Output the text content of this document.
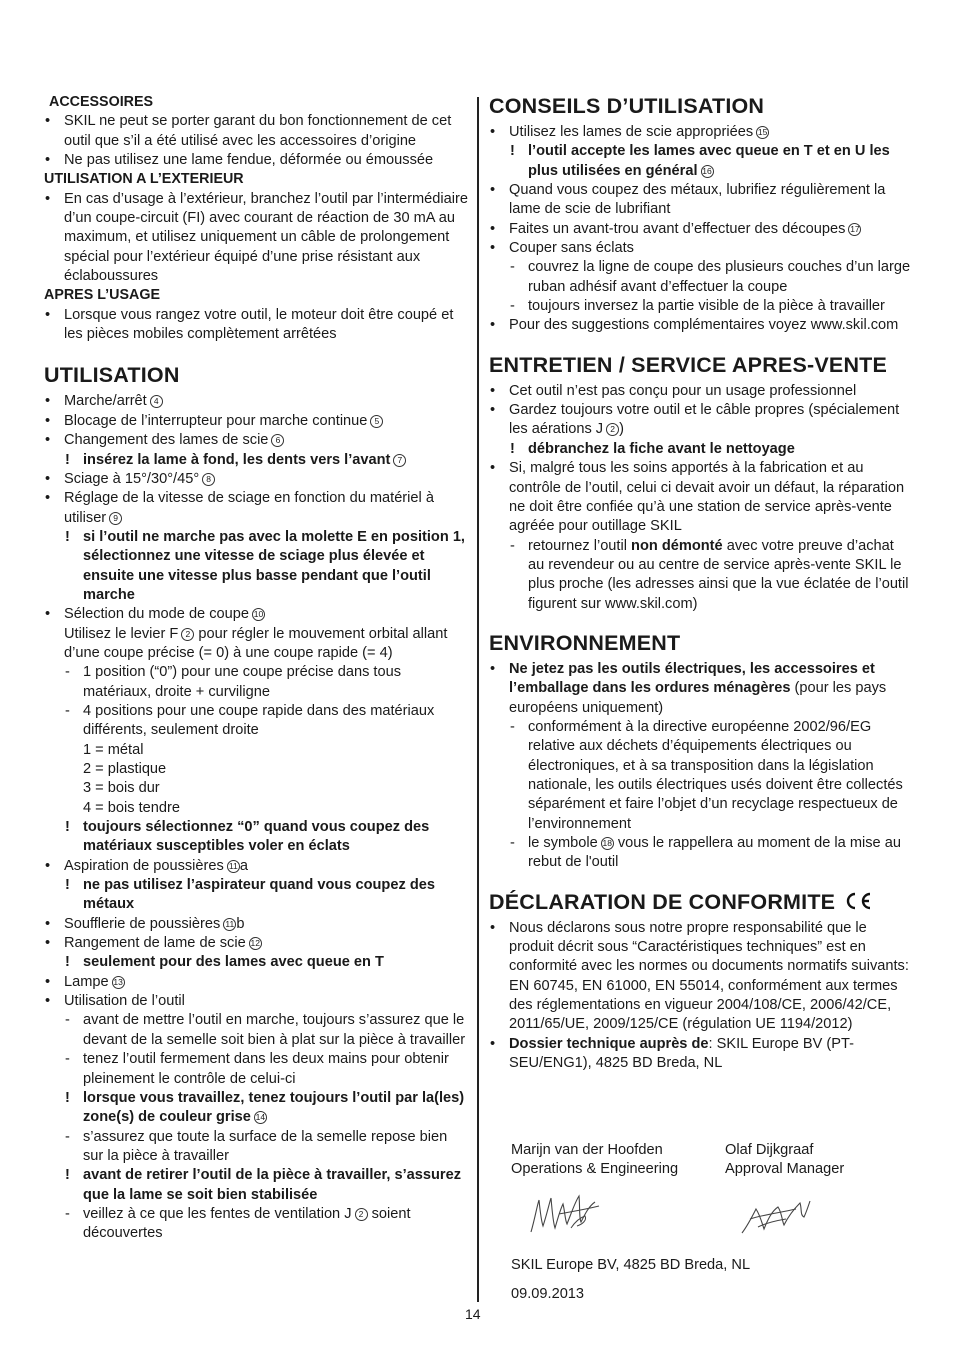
ACCESSOIRES
• SKIL ne peut se porter garant du bon fonctionnement de cet outil que s’il a été utilisé avec les accessoires d’origine
• Ne pas utilisez une lame fendue, déformée ou émoussée
UTILISATION A L’EXTERIEUR
• En cas d’usage à l’extérieur, branchez l’outil par l’intermédiaire d’un coupe-circuit (FI) avec courant de réaction de 30 mA au maximum, et utilisez uniquement un câble de prolongement spécial pour l’extérieur équipé d’une prise résistant aux éclaboussures
APRES L’USAGE
• Lorsque vous rangez votre outil, le moteur doit être coupé et les pièces mobiles complètement arrêtées
UTILISATION
• Marche/arrêt 4
• Blocage de l’interrupteur pour marche continue 5
• Changement des lames de scie 6
! insérez la lame à fond, les dents vers l’avant 7
• Sciage à 15°/30°/45° 8
• Réglage de la vitesse de sciage en fonction du matériel à utiliser 9
! si l’outil ne marche pas avec la molette E en position 1, sélectionnez une vitesse de sciage plus élevée et ensuite une vitesse plus basse pendant que l’outil marche
• Sélection du mode de coupe 10
Utilisez le levier F 2 pour régler le mouvement orbital allant d’une coupe précise (= 0) à une coupe rapide (= 4)
- 1 position (“0”) pour une coupe précise dans tous matériaux, droite + curviligne
- 4 positions pour une coupe rapide dans des matériaux différents, seulement droite
1 = métal
2 = plastique
3 = bois dur
4 = bois tendre
! toujours sélectionnez “0” quand vous coupez des matériaux susceptibles voler en éclats
• Aspiration de poussières 11 a
! ne pas utilisez l’aspirateur quand vous coupez des métaux
• Soufflerie de poussières 11 b
• Rangement de lame de scie 12
! seulement pour des lames avec queue en T
• Lampe 13
• Utilisation de l’outil
- avant de mettre l’outil en marche, toujours s’assurez que le devant de la semelle soit bien à plat sur la pièce à travailler
- tenez l’outil fermement dans les deux mains pour obtenir pleinement le contrôle de celui-ci
! lorsque vous travaillez, tenez toujours l’outil par la(les) zone(s) de couleur grise 14
- s’assurez que toute la surface de la semelle repose bien sur la pièce à travailler
! avant de retirer l’outil de la pièce à travailler, s’assurez que la lame se soit bien stabilisée
- veillez à ce que les fentes de ventilation J 2 soient découvertes
CONSEILS D’UTILISATION
• Utilisez les lames de scie appropriées 15
! l’outil accepte les lames avec queue en T et en U les plus utilisées en général 16
• Quand vous coupez des métaux, lubrifiez régulièrement la lame de scie de lubrifiant
• Faites un avant-trou avant d’effectuer des découpes 17
• Couper sans éclats
- couvrez la ligne de coupe des plusieurs couches d’un large ruban adhésif avant d’effectuer la coupe
- toujours inversez la partie visible de la pièce à travailler
• Pour des suggestions complémentaires voyez www.skil.com
ENTRETIEN / SERVICE APRES-VENTE
• Cet outil n’est pas conçu pour un usage professionnel
• Gardez toujours votre outil et le câble propres (spécialement les aérations J 2 )
! débranchez la fiche avant le nettoyage
• Si, malgré tous les soins apportés à la fabrication et au contrôle de l’outil, celui ci devait avoir un défaut, la réparation ne doit être confiée qu’à une station de service après-vente agréée pour outillage SKIL
- retournez l’outil non démonté avec votre preuve d’achat au revendeur ou au centre de service après-vente SKIL le plus proche (les adresses ainsi que la vue éclatée de l’outil figurent sur www.skil.com)
ENVIRONNEMENT
• Ne jetez pas les outils électriques, les accessoires et l’emballage dans les ordures ménagères (pour les pays européens uniquement)
- conformément à la directive européenne 2002/96/EG relative aux déchets d’équipements électriques ou électroniques, et à sa transposition dans la législation nationale, les outils électriques usés doivent être collectés séparément et faire l’objet d’un recyclage respectueux de l’environnement
- le symbole 18 vous le rappellera au moment de la mise au rebut de l'outil
DÉCLARATION DE CONFORMITE
• Nous déclarons sous notre propre responsabilité que le produit décrit sous “Caractéristiques techniques” est en conformité avec les normes ou documents normatifs suivants: EN 60745, EN 61000, EN 55014, conformément aux termes des réglementations en vigueur 2004/108/CE, 2006/42/CE, 2011/65/UE, 2009/125/CE (régulation UE 1194/2012)
• Dossier technique auprès de: SKIL Europe BV (PT-SEU/ENG1), 4825 BD Breda, NL
Marijn van der Hoofden
Operations & Engineering
Olaf Dijkgraaf
Approval Manager
SKIL Europe BV, 4825 BD Breda, NL
09.09.2013
14
